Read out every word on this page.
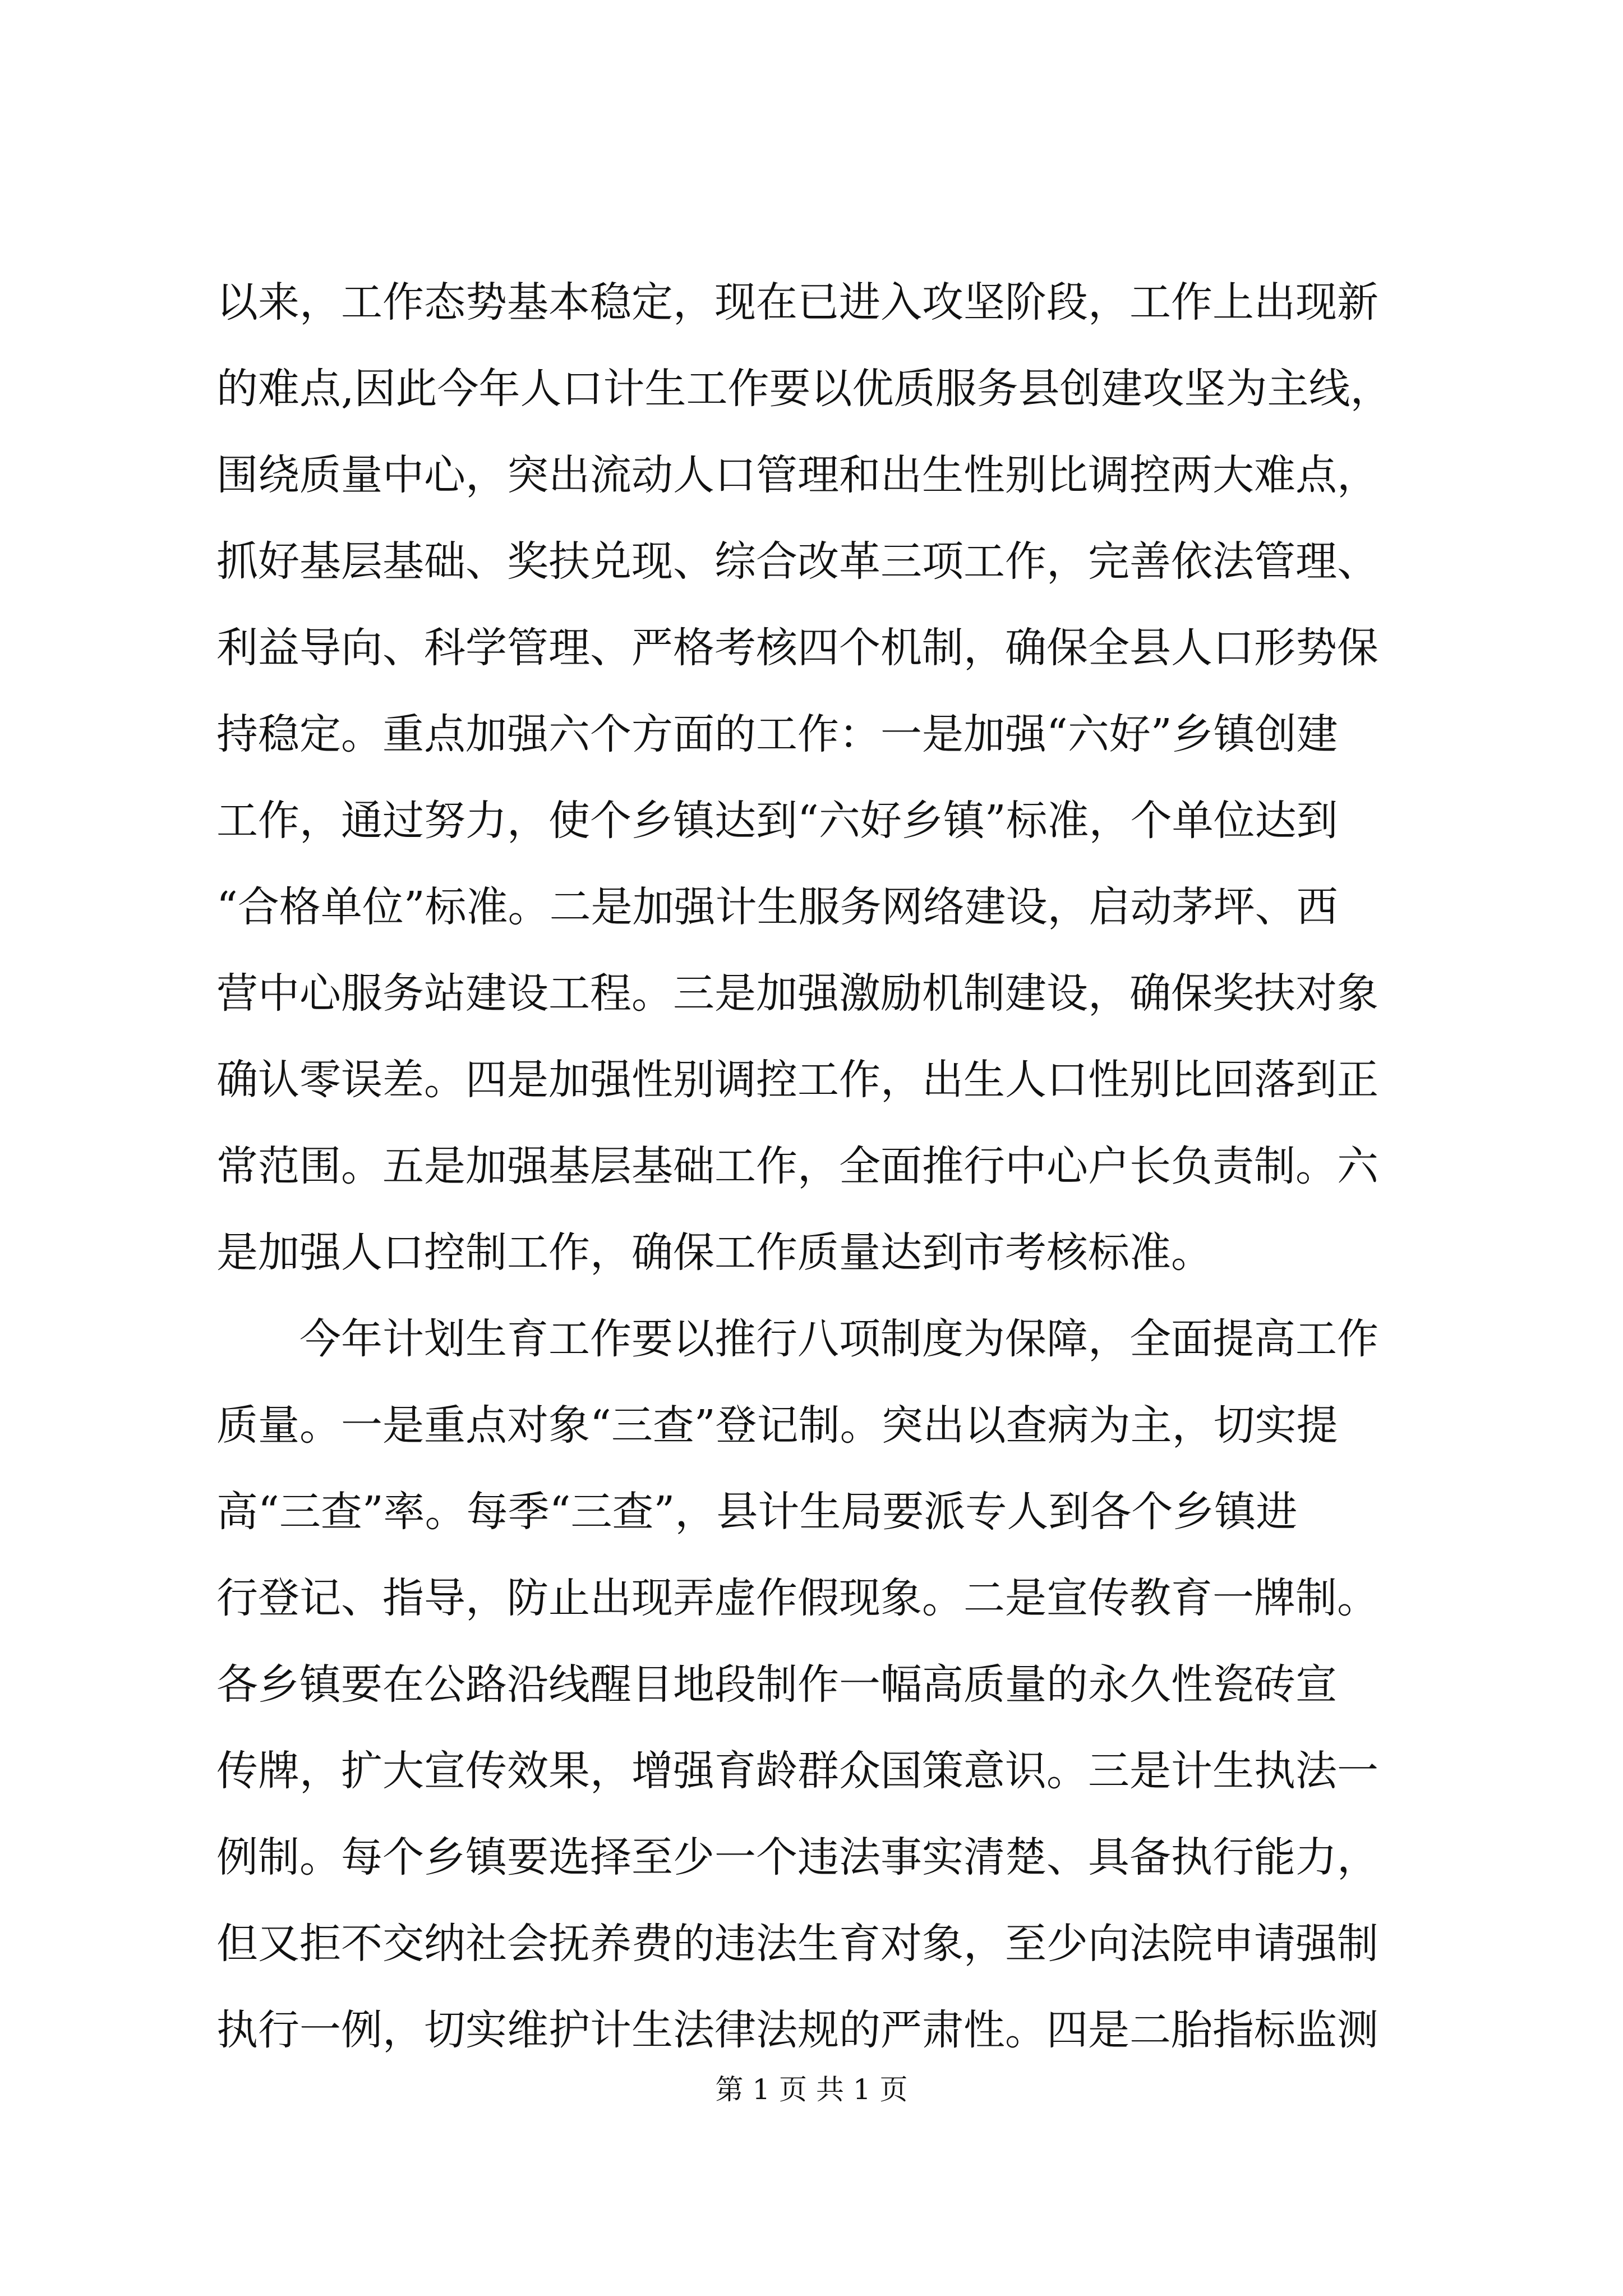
以来，工作态势基本稳定，现在已进入攻坚阶段，工作上出现新
的难点,因此今年人口计生工作要以优质服务县创建攻坚为主线，
围绕质量中心，突出流动人口管理和出生性别比调控两大难点，
抓好基层基础、奖扶兑现、综合改革三项工作，完善依法管理、
利益导向、科学管理、严格考核四个机制，确保全县人口形势保
持稳定。重点加强六个方面的工作：一是加强“六好”乡镇创建
工作，通过努力，使个乡镇达到“六好乡镇”标准，个单位达到
“合格单位”标准。二是加强计生服务网络建设，启动茅坪、西
营中心服务站建设工程。三是加强激励机制建设，确保奖扶对象
确认零误差。四是加强性别调控工作，出生人口性别比回落到正
常范围。五是加强基层基础工作，全面推行中心户长负责制。六
是加强人口控制工作，确保工作质量达到市考核标准。
今年计划生育工作要以推行八项制度为保障，全面提高工作
质量。一是重点对象“三查”登记制。突出以查病为主，切实提
高“三查”率。每季“三查”，县计生局要派专人到各个乡镇进
行登记、指导，防止出现弄虚作假现象。二是宣传教育一牌制。
各乡镇要在公路沿线醒目地段制作一幅高质量的永久性瓷砖宣
传牌，扩大宣传效果，增强育龄群众国策意识。三是计生执法一
例制。每个乡镇要选择至少一个违法事实清楚、具备执行能力，
但又拒不交纳社会抚养费的违法生育对象，至少向法院申请强制
执行一例，切实维护计生法律法规的严肃性。四是二胎指标监测
第 1 页 共 1 页
